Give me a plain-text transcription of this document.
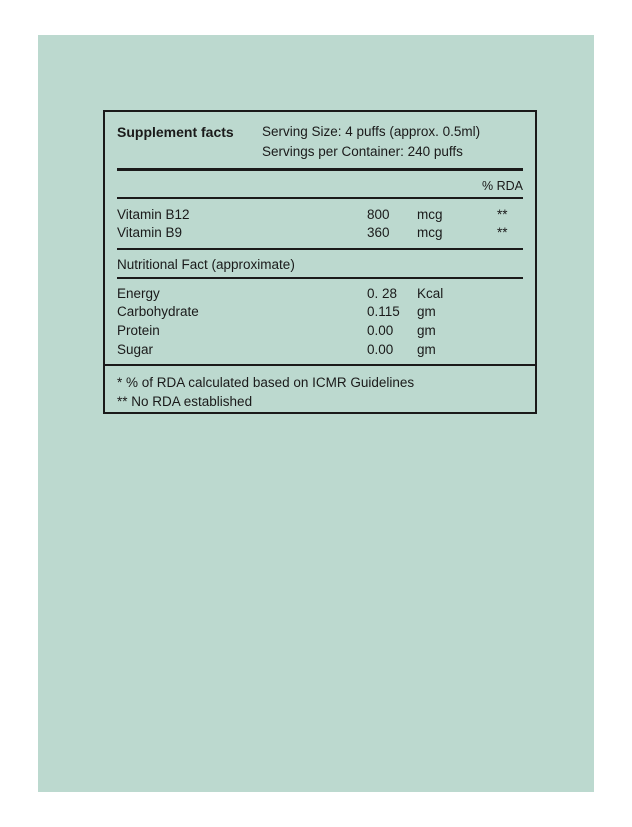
Supplement facts Serving Size: 4 puffs (approx. 0.5ml)
Servings per Container: 240 puffs
% RDA
Vitamin B12	800 mcg	**
Vitamin B9	360 mcg	**
Nutritional Fact (approximate)
Energy	0. 28 Kcal
Carbohydrate	0.115 gm
Protein	0.00 gm
Sugar	0.00 gm
* % of RDA calculated based on ICMR Guidelines
** No RDA established
